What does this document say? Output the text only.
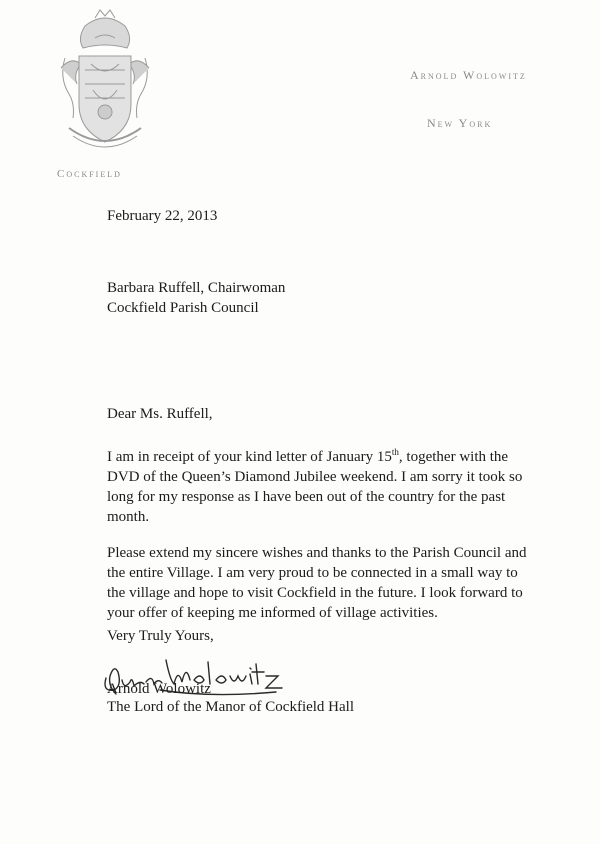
Cockfield
Arnold Wolowitz
New York
February 22, 2013
Barbara Ruffell, Chairwoman
Cockfield Parish Council
Dear Ms. Ruffell,

I am in receipt of your kind letter of January 15th, together with the DVD of the Queen’s Diamond Jubilee weekend. I am sorry it took so long for my response as I have been out of the country for the past month.

Please extend my sincere wishes and thanks to the Parish Council and the entire Village. I am very proud to be connected in a small way to the village and hope to visit Cockfield in the future. I look forward to your offer of keeping me informed of village activities.

Very Truly Yours,
Arnold Wolowitz
The Lord of the Manor of Cockfield Hall
